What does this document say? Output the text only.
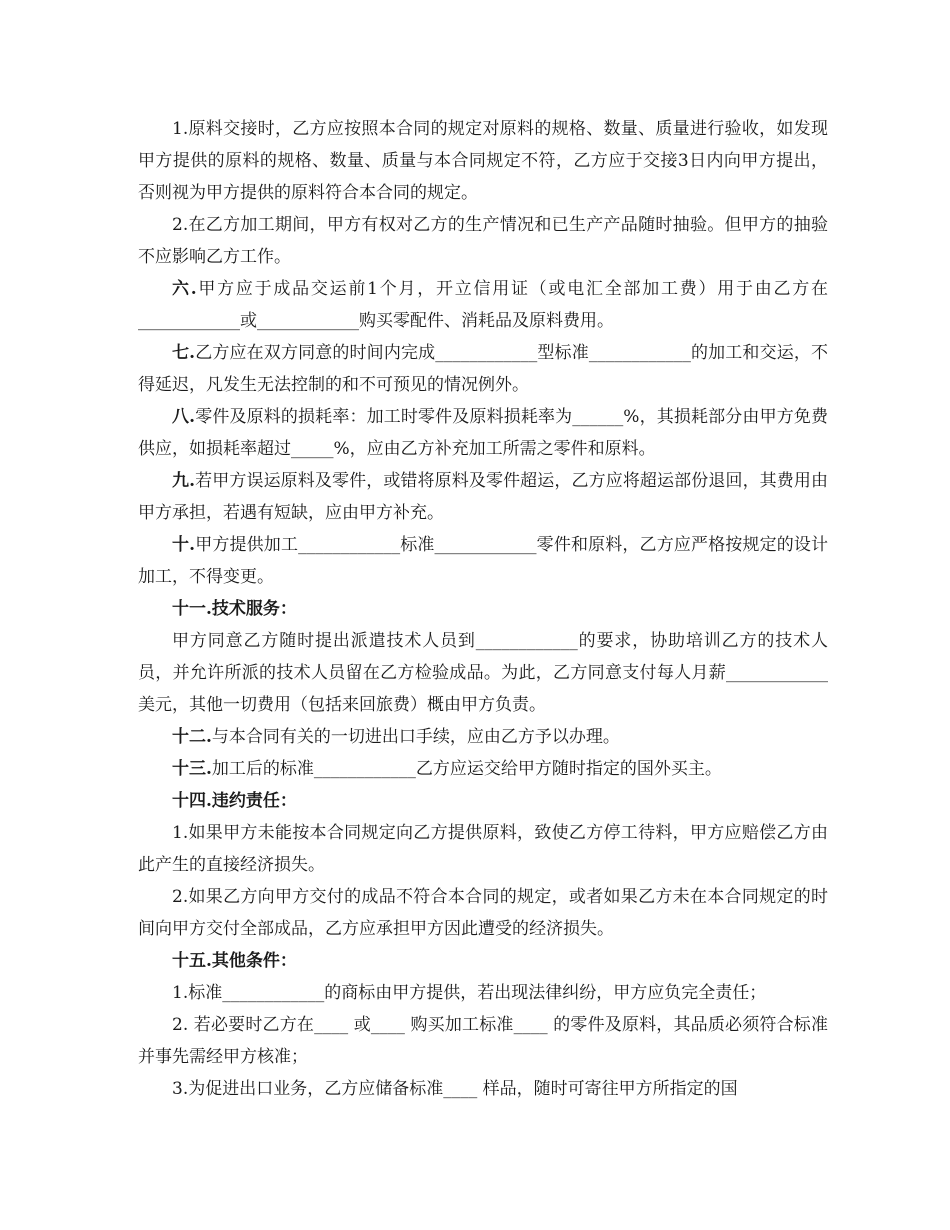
1.原料交接时，乙方应按照本合同的规定对原料的规格、数量、质量进行验收，如发现甲方提供的原料的规格、数量、质量与本合同规定不符，乙方应于交接3日内向甲方提出，否则视为甲方提供的原料符合本合同的规定。

2.在乙方加工期间，甲方有权对乙方的生产情况和已生产产品随时抽验。但甲方的抽验不应影响乙方工作。

六.甲方应于成品交运前1个月，开立信用证（或电汇全部加工费）用于由乙方在____________或____________购买零配件、消耗品及原料费用。

七.乙方应在双方同意的时间内完成____________型标准____________的加工和交运，不得延迟，凡发生无法控制的和不可预见的情况例外。

八.零件及原料的损耗率：加工时零件及原料损耗率为______%，其损耗部分由甲方免费供应，如损耗率超过_____%，应由乙方补充加工所需之零件和原料。

九.若甲方误运原料及零件，或错将原料及零件超运，乙方应将超运部份退回，其费用由甲方承担，若遇有短缺，应由甲方补充。

十.甲方提供加工____________标准____________零件和原料，乙方应严格按规定的设计加工，不得变更。

十一.技术服务：

甲方同意乙方随时提出派遣技术人员到____________的要求，协助培训乙方的技术人员，并允许所派的技术人员留在乙方检验成品。为此，乙方同意支付每人月薪____________美元，其他一切费用（包括来回旅费）概由甲方负责。

十二.与本合同有关的一切进出口手续，应由乙方予以办理。

十三.加工后的标准____________乙方应运交给甲方随时指定的国外买主。

十四.违约责任：

1.如果甲方未能按本合同规定向乙方提供原料，致使乙方停工待料，甲方应赔偿乙方由此产生的直接经济损失。

2.如果乙方向甲方交付的成品不符合本合同的规定，或者如果乙方未在本合同规定的时间向甲方交付全部成品，乙方应承担甲方因此遭受的经济损失。

十五.其他条件：

1.标准____________的商标由甲方提供，若出现法律纠纷，甲方应负完全责任；

2. 若必要时乙方在____ 或____ 购买加工标准____ 的零件及原料，其品质必须符合标准并事先需经甲方核准；

3.为促进出口业务，乙方应储备标准____ 样品，随时可寄往甲方所指定的国
